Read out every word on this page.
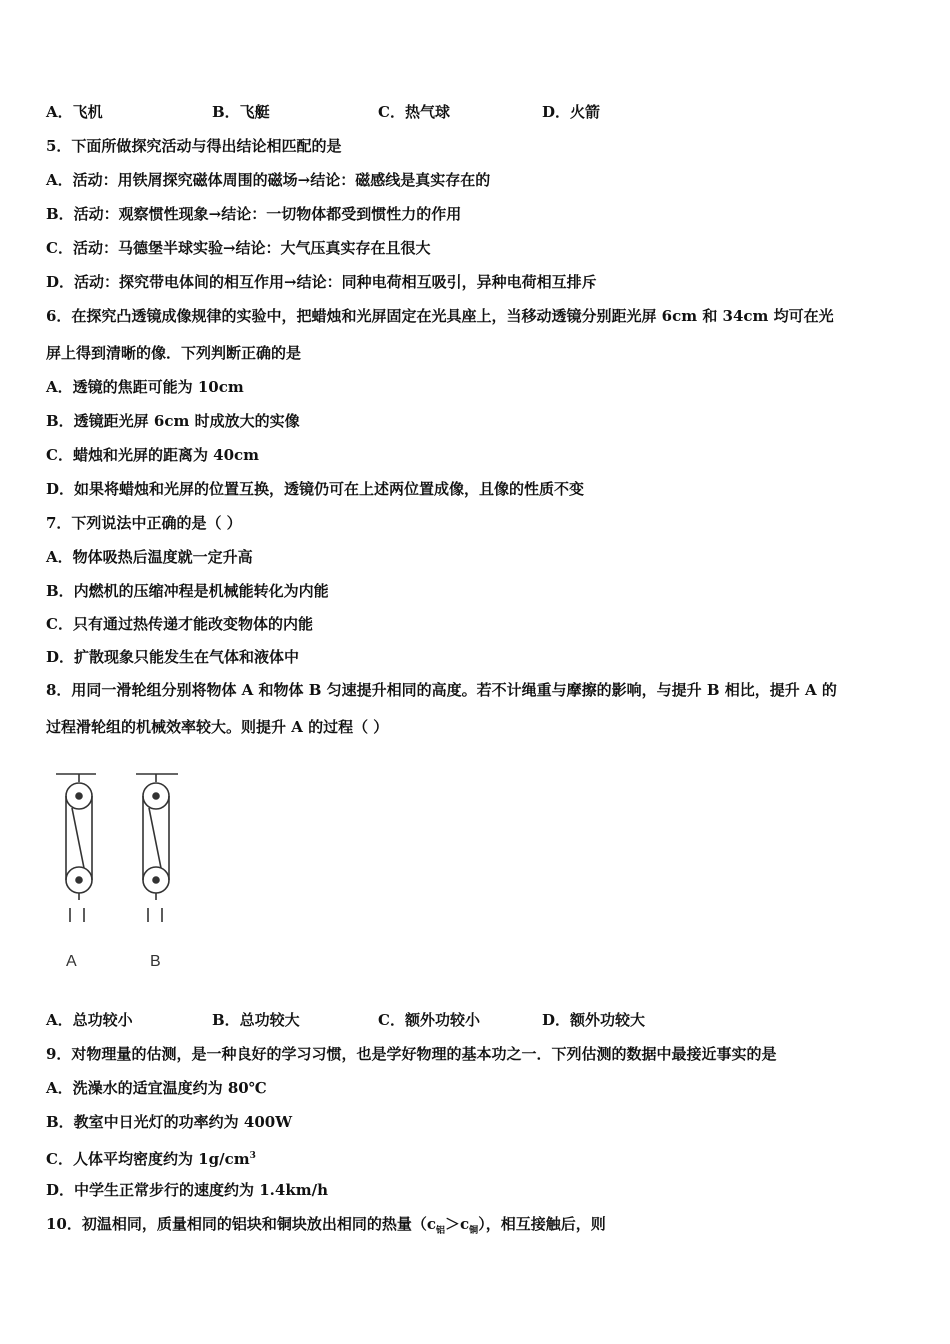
A．飞机	B．飞艇	C．热气球	D．火箭
5．下面所做探究活动与得出结论相匹配的是
A．活动：用铁屑探究磁体周围的磁场→结论：磁感线是真实存在的
B．活动：观察惯性现象→结论：一切物体都受到惯性力的作用
C．活动：马德堡半球实验→结论：大气压真实存在且很大
D．活动：探究带电体间的相互作用→结论：同种电荷相互吸引，异种电荷相互排斥
6．在探究凸透镜成像规律的实验中，把蜡烛和光屏固定在光具座上，当移动透镜分别距光屏 6cm 和 34cm 均可在光
屏上得到清晰的像．下列判断正确的是
A．透镜的焦距可能为 10cm
B．透镜距光屏 6cm 时成放大的实像
C．蜡烛和光屏的距离为 40cm
D．如果将蜡烛和光屏的位置互换，透镜仍可在上述两位置成像，且像的性质不变
7．下列说法中正确的是（ ）
A．物体吸热后温度就一定升高
B．内燃机的压缩冲程是机械能转化为内能
C．只有通过热传递才能改变物体的内能
D．扩散现象只能发生在气体和液体中
8．用同一滑轮组分别将物体 A 和物体 B 匀速提升相同的高度。若不计绳重与摩擦的影响，与提升 B 相比，提升 A 的
过程滑轮组的机械效率较大。则提升 A 的过程（ ）
A	B
A．总功较小	B．总功较大	C．额外功较小	D．额外功较大
9．对物理量的估测，是一种良好的学习习惯，也是学好物理的基本功之一．下列估测的数据中最接近事实的是
A．洗澡水的适宜温度约为 80℃
B．教室中日光灯的功率约为 400W
C．人体平均密度约为 $1g/cm^3$
D．中学生正常步行的速度约为 1.4km/h
10．初温相同，质量相同的铝块和铜块放出相同的热量$(c_铝>c_铜)$，相互接触后，则
